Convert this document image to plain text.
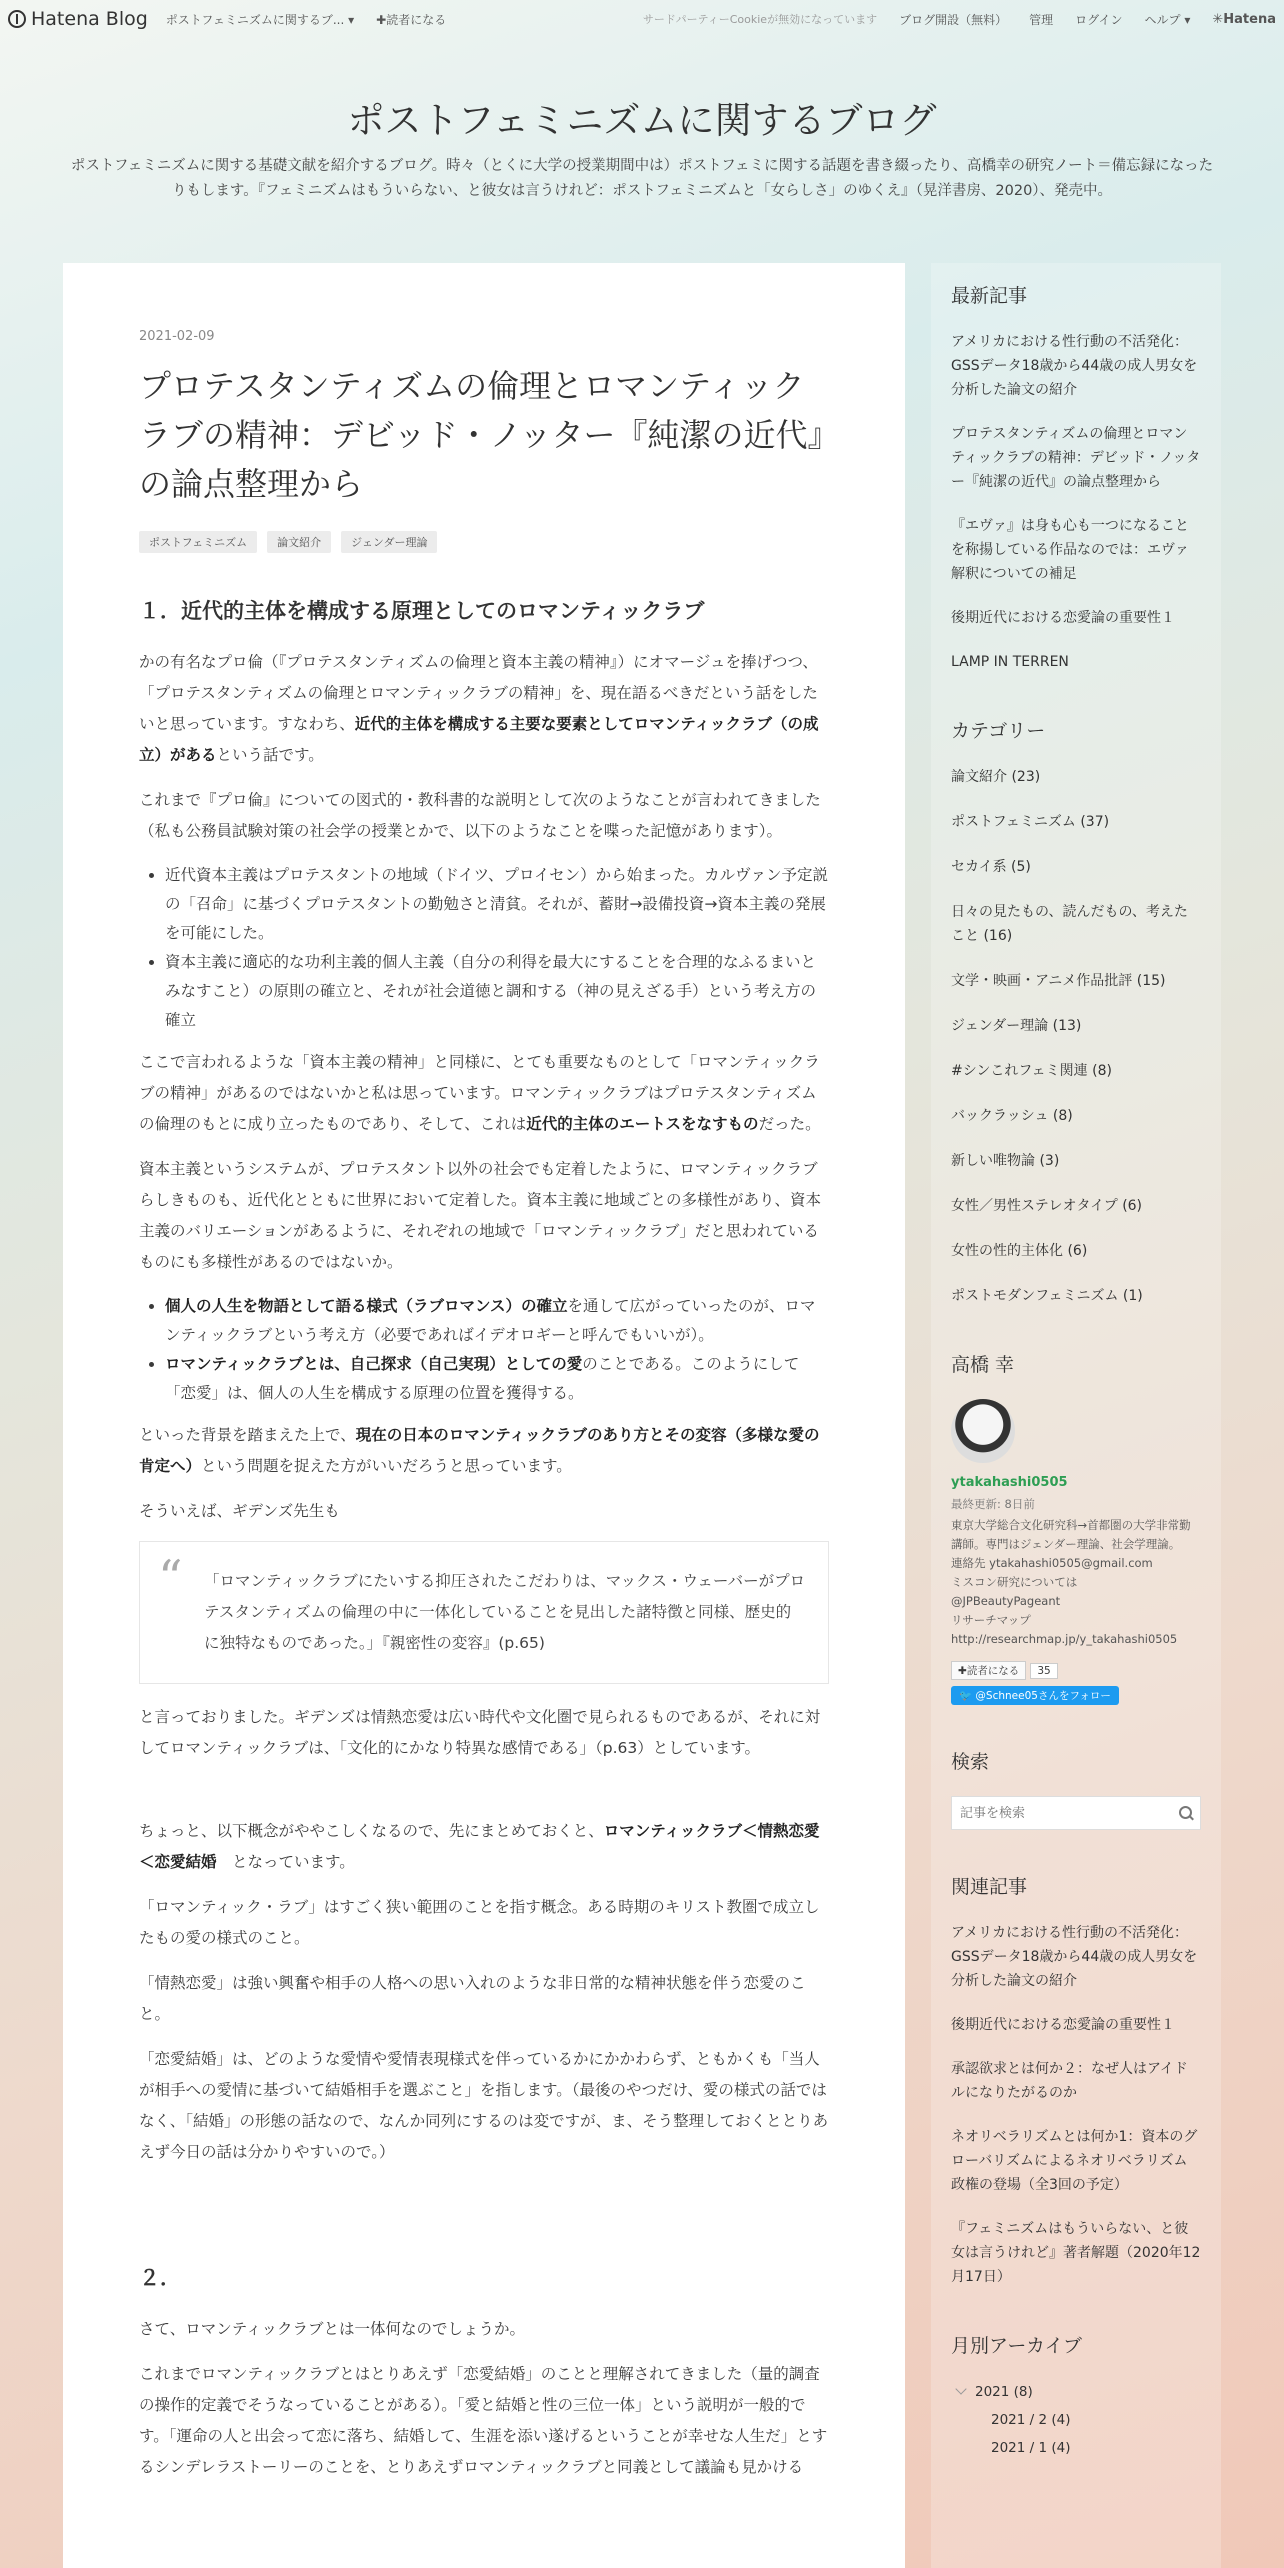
Hatena Blog ポストフェミニズムに関するブ... ▾ ✚読者になる	サードパーティーCookieが無効になっています ブログ開設（無料） 管理 ログイン ヘルプ ▾ ✳Hatena
ポストフェミニズムに関するブログ

ポストフェミニズムに関する基礎文献を紹介するブログ。時々（とくに大学の授業期間中は）ポストフェミに関する話題を書き綴ったり、高橋幸の研究ノート＝備忘録になったりもします。『フェミニズムはもういらない、と彼女は言うけれど：ポストフェミニズムと「女らしさ」のゆくえ』（晃洋書房、2020）、発売中。

2021-02-09
プロテスタンティズムの倫理とロマンティックラブの精神：デビッド・ノッター『純潔の近代』の論点整理から
ポストフェミニズム	論文紹介	ジェンダー理論
１．近代的主体を構成する原理としてのロマンティックラブ

かの有名なプロ倫（『プロテスタンティズムの倫理と資本主義の精神』）にオマージュを捧げつつ、「プロテスタンティズムの倫理とロマンティックラブの精神」を、現在語るべきだという話をしたいと思っています。すなわち、近代的主体を構成する主要な要素としてロマンティックラブ（の成立）があるという話です。

これまで『プロ倫』についての図式的・教科書的な説明として次のようなことが言われてきました（私も公務員試験対策の社会学の授業とかで、以下のようなことを喋った記憶があります）。

• 近代資本主義はプロテスタントの地域（ドイツ、プロイセン）から始まった。カルヴァン予定説の「召命」に基づくプロテスタントの勤勉さと清貧。それが、蓄財→設備投資→資本主義の発展を可能にした。
• 資本主義に適応的な功利主義的個人主義（自分の利得を最大にすることを合理的なふるまいとみなすこと）の原則の確立と、それが社会道徳と調和する（神の見えざる手）という考え方の確立

ここで言われるような「資本主義の精神」と同様に、とても重要なものとして「ロマンティックラブの精神」があるのではないかと私は思っています。ロマンティックラブはプロテスタンティズムの倫理のもとに成り立ったものであり、そして、これは近代的主体のエートスをなすものだった。

資本主義というシステムが、プロテスタント以外の社会でも定着したように、ロマンティックラブらしきものも、近代化とともに世界において定着した。資本主義に地域ごとの多様性があり、資本主義のバリエーションがあるように、それぞれの地域で「ロマンティックラブ」だと思われているものにも多様性があるのではないか。

• 個人の人生を物語として語る様式（ラブロマンス）の確立を通して広がっていったのが、ロマンティックラブという考え方（必要であればイデオロギーと呼んでもいいが）。
• ロマンティックラブとは、自己探求（自己実現）としての愛のことである。このようにして「恋愛」は、個人の人生を構成する原理の位置を獲得する。

といった背景を踏まえた上で、現在の日本のロマンティックラブのあり方とその変容（多様な愛の肯定へ）という問題を捉えた方がいいだろうと思っています。

そういえば、ギデンズ先生も

“ 「ロマンティックラブにたいする抑圧されたこだわりは、マックス・ウェーバーがプロテスタンティズムの倫理の中に一体化していることを見出した諸特徴と同様、歴史的に独特なものであった。」『親密性の変容』(p.65)

と言っておりました。ギデンズは情熱恋愛は広い時代や文化圏で見られるものであるが、それに対してロマンティックラブは、「文化的にかなり特異な感情である」（p.63）としています。

ちょっと、以下概念がややこしくなるので、先にまとめておくと、ロマンティックラブ＜情熱恋愛＜恋愛結婚　となっています。

「ロマンティック・ラブ」はすごく狭い範囲のことを指す概念。ある時期のキリスト教圏で成立したもの愛の様式のこと。

「情熱恋愛」は強い興奮や相手の人格への思い入れのような非日常的な精神状態を伴う恋愛のこと。

「恋愛結婚」は、どのような愛情や愛情表現様式を伴っているかにかかわらず、ともかくも「当人が相手への愛情に基づいて結婚相手を選ぶこと」を指します。（最後のやつだけ、愛の様式の話ではなく、「結婚」の形態の話なので、なんか同列にするのは変ですが、ま、そう整理しておくととりあえず今日の話は分かりやすいので。）

２．

さて、ロマンティックラブとは一体何なのでしょうか。

これまでロマンティックラブとはとりあえず「恋愛結婚」のことと理解されてきました（量的調査の操作的定義でそうなっていることがある）。「愛と結婚と性の三位一体」という説明が一般的です。「運命の人と出会って恋に落ち、結婚して、生涯を添い遂げるということが幸せな人生だ」とするシンデレラストーリーのことを、とりあえずロマンティックラブと同義として議論も見かける

最新記事
アメリカにおける性行動の不活発化：GSSデータ18歳から44歳の成人男女を分析した論文の紹介
プロテスタンティズムの倫理とロマンティックラブの精神：デビッド・ノッター『純潔の近代』の論点整理から
『エヴァ』は身も心も一つになることを称揚している作品なのでは：エヴァ解釈についての補足
後期近代における恋愛論の重要性１
LAMP IN TERREN
カテゴリー
論文紹介 (23)
ポストフェミニズム (37)
セカイ系 (5)
日々の見たもの、読んだもの、考えたこと (16)
文学・映画・アニメ作品批評 (15)
ジェンダー理論 (13)
#シンこれフェミ関連 (8)
バックラッシュ (8)
新しい唯物論 (3)
女性／男性ステレオタイプ (6)
女性の性的主体化 (6)
ポストモダンフェミニズム (1)
高橋 幸
ytakahashi0505
最終更新: 8日前
東京大学総合文化研究科→首都圏の大学非常勤講師。専門はジェンダー理論、社会学理論。
連絡先 ytakahashi0505@gmail.com
ミスコン研究については
@JPBeautyPageant
リサーチマップ
http://researchmap.jp/y_takahashi0505
✚読者になる	35
🐦 @Schnee05さんをフォロー
検索
記事を検索
関連記事
アメリカにおける性行動の不活発化：GSSデータ18歳から44歳の成人男女を分析した論文の紹介
後期近代における恋愛論の重要性１
承認欲求とは何か２：なぜ人はアイドルになりたがるのか
ネオリベラリズムとは何か1：資本のグローバリズムによるネオリベラリズム政権の登場（全3回の予定）
『フェミニズムはもういらない、と彼女は言うけれど』著者解題（2020年12月17日）
月別アーカイブ
2021 (8)
2021 / 2 (4)
2021 / 1 (4)
